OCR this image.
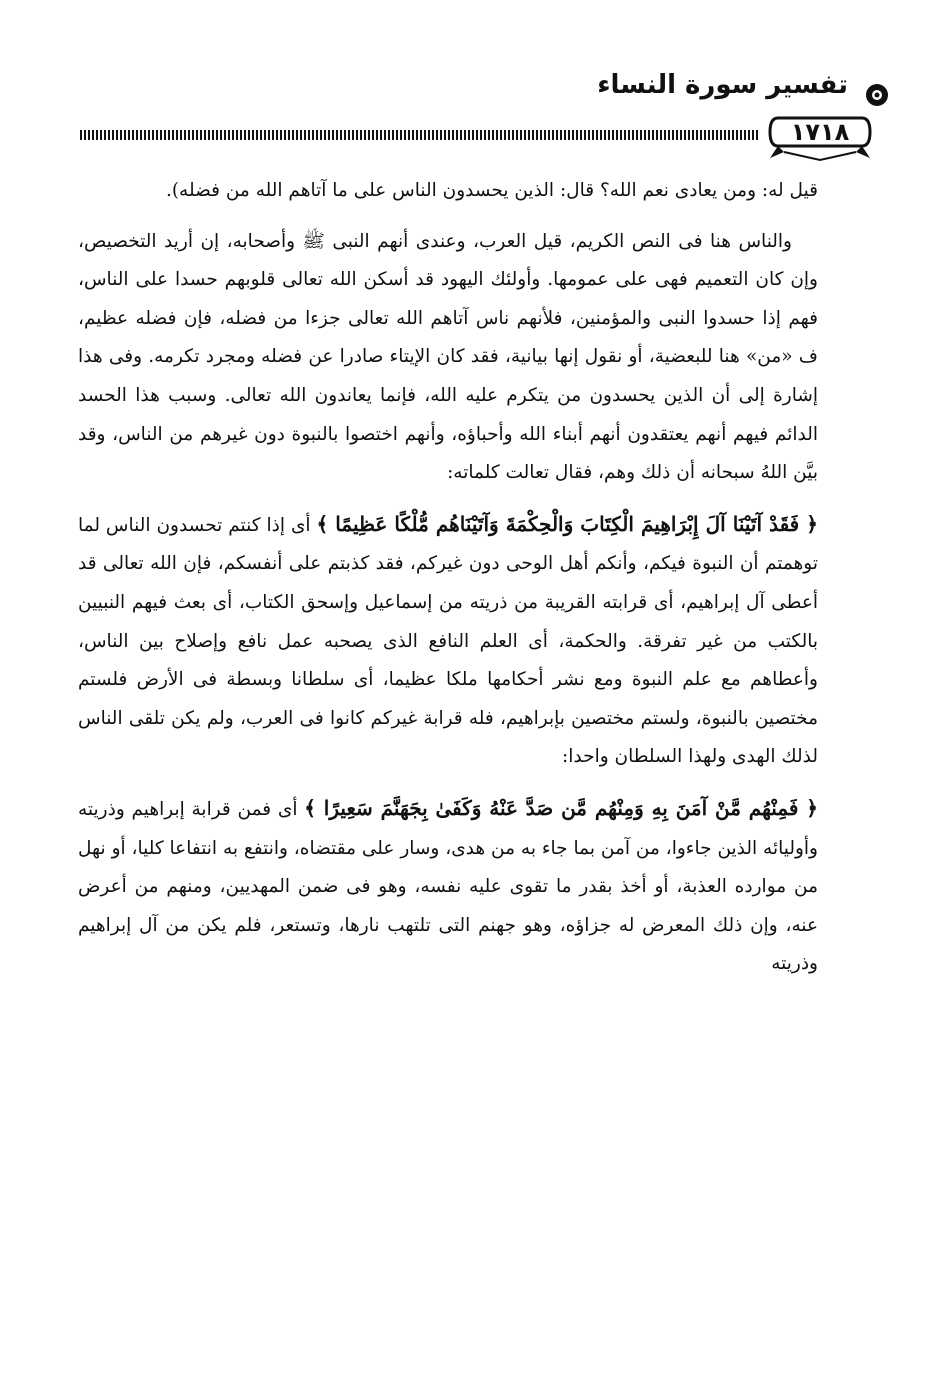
تفسير سورة النساء
١٧١٨

قيل له: ومن يعادى نعم الله؟ قال: الذين يحسدون الناس على ما آتاهم الله من فضله).

والناس هنا فى النص الكريم، قيل العرب، وعندى أنهم النبى ﷺ وأصحابه، إن أريد التخصيص، وإن كان التعميم فهى على عمومها. وأولئك اليهود قد أسكن الله تعالى قلوبهم حسدا على الناس، فهم إذا حسدوا النبى والمؤمنين، فلأنهم ناس آتاهم الله تعالى جزءا من فضله، فإن فضله عظيم، ف «من» هنا للبعضية، أو نقول إنها بيانية، فقد كان الإيتاء صادرا عن فضله ومجرد تكرمه. وفى هذا إشارة إلى أن الذين يحسدون من يتكرم عليه الله، فإنما يعاندون الله تعالى. وسبب هذا الحسد الدائم فيهم أنهم يعتقدون أنهم أبناء الله وأحباؤه، وأنهم اختصوا بالنبوة دون غيرهم من الناس، وقد بيَّن اللهُ سبحانه أن ذلك وهم، فقال تعالت كلماته:

﴿ فَقَدْ آتَيْنَا آلَ إِبْرَاهِيمَ الْكِتَابَ وَالْحِكْمَةَ وَآتَيْنَاهُم مُّلْكًا عَظِيمًا ﴾ أى إذا كنتم تحسدون الناس لما توهمتم أن النبوة فيكم، وأنكم أهل الوحى دون غيركم، فقد كذبتم على أنفسكم، فإن الله تعالى قد أعطى آل إبراهيم، أى قرابته القريبة من ذريته من إسماعيل وإسحق الكتاب، أى بعث فيهم النبيين بالكتب من غير تفرقة. والحكمة، أى العلم النافع الذى يصحبه عمل نافع وإصلاح بين الناس، وأعطاهم مع علم النبوة ومع نشر أحكامها ملكا عظيما، أى سلطانا وبسطة فى الأرض فلستم مختصين بالنبوة، ولستم مختصين بإبراهيم، فله قرابة غيركم كانوا فى العرب، ولم يكن تلقى الناس لذلك الهدى ولهذا السلطان واحدا:

﴿ فَمِنْهُم مَّنْ آمَنَ بِهِ وَمِنْهُم مَّن صَدَّ عَنْهُ وَكَفَىٰ بِجَهَنَّمَ سَعِيرًا ﴾ أى فمن قرابة إبراهيم وذريته وأوليائه الذين جاءوا، من آمن بما جاء به من هدى، وسار على مقتضاه، وانتفع به انتفاعا كليا، أو نهل من موارده العذبة، أو أخذ بقدر ما تقوى عليه نفسه، وهو فى ضمن المهديين، ومنهم من أعرض عنه، وإن ذلك المعرض له جزاؤه، وهو جهنم التى تلتهب نارها، وتستعر، فلم يكن من آل إبراهيم وذريته
